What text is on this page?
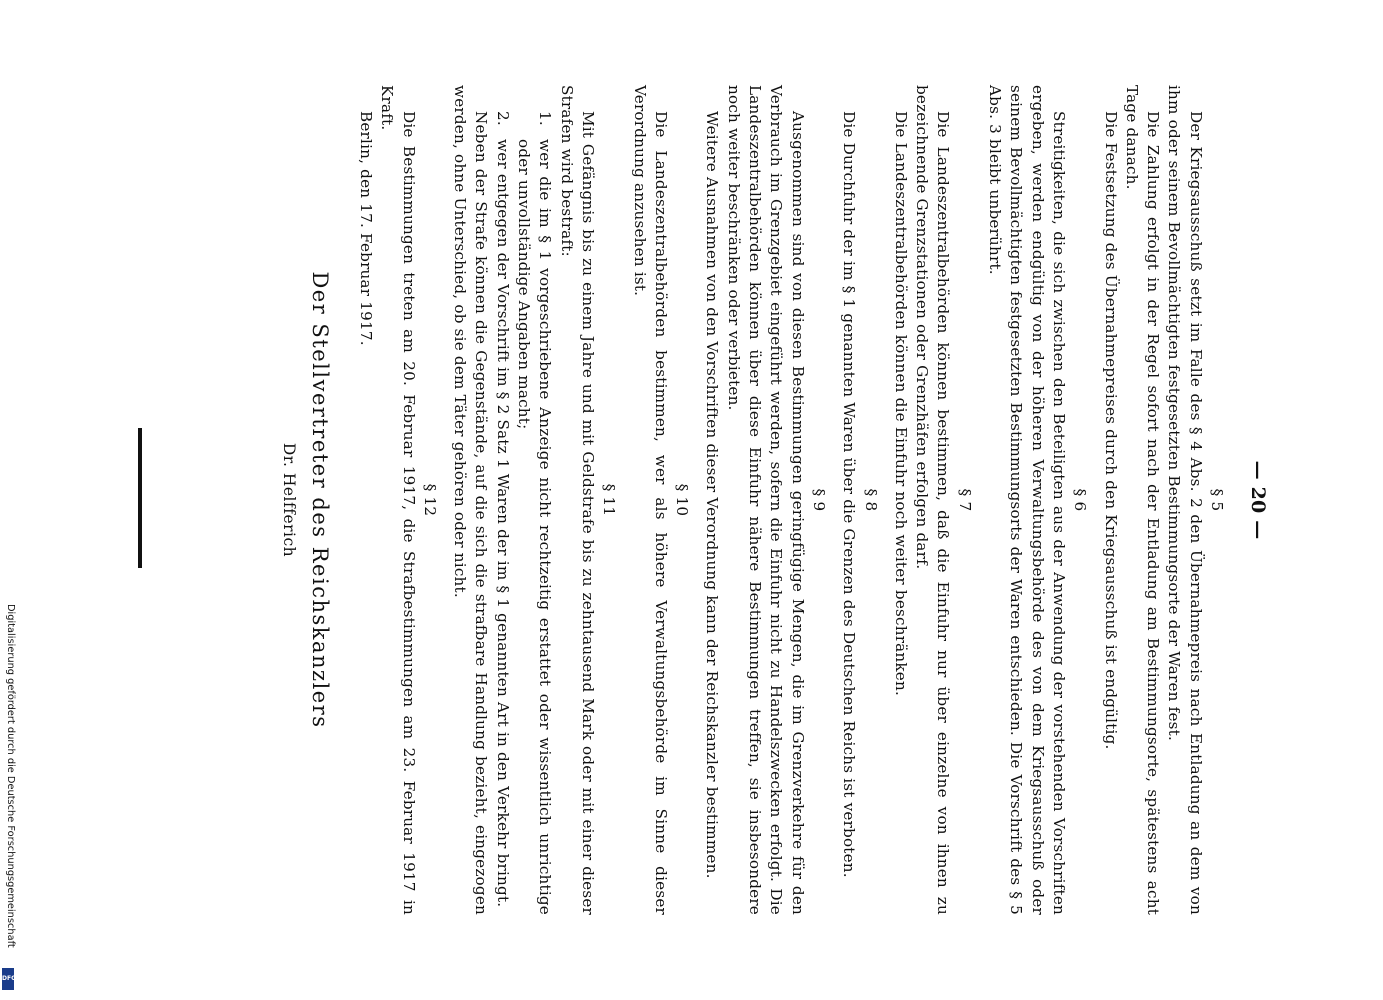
— 20 —
§ 5

Der Kriegsausschuß setzt im Falle des § 4 Abs. 2 den Übernahmepreis nach Entladung an dem von ihm oder seinem Bevollmächtigten festgesetzten Bestimmungsorte der Waren fest.

Die Zahlung erfolgt in der Regel sofort nach der Entladung am Bestimmungsorte, spätestens acht Tage danach.

Die Festsetzung des Übernahmepreises durch den Kriegsausschuß ist endgültig.

§ 6

Streitigkeiten, die sich zwischen den Beteiligten aus der Anwendung der vorstehenden Vorschriften ergeben, werden endgültig von der höheren Verwaltungsbehörde des von dem Kriegsausschuß oder seinem Bevollmächtigten festgesetzten Bestimmungsorts der Waren entschieden. Die Vorschrift des § 5 Abs. 3 bleibt unberührt.

§ 7

Die Landeszentralbehörden können bestimmen, daß die Einfuhr nur über einzelne von ihnen zu bezeichnende Grenzstationen oder Grenzhäfen erfolgen darf.

Die Landeszentralbehörden können die Einfuhr noch weiter beschränken.

§ 8

Die Durchfuhr der im § 1 genannten Waren über die Grenzen des Deutschen Reichs ist verboten.

§ 9

Ausgenommen sind von diesen Bestimmungen geringfügige Mengen, die im Grenzverkehre für den Verbrauch im Grenzgebiet eingeführt werden, sofern die Einfuhr nicht zu Handelszwecken erfolgt. Die Landeszentralbehörden können über diese Einfuhr nähere Bestimmungen treffen, sie insbesondere noch weiter beschränken oder verbieten.

Weitere Ausnahmen von den Vorschriften dieser Verordnung kann der Reichskanzler bestimmen.

§ 10

Die Landeszentralbehörden bestimmen, wer als höhere Verwaltungsbehörde im Sinne dieser Verordnung anzusehen ist.

§ 11

Mit Gefängnis bis zu einem Jahre und mit Geldstrafe bis zu zehntausend Mark oder mit einer dieser Strafen wird bestraft:

1.
wer die im § 1 vorgeschriebene Anzeige nicht rechtzeitig erstattet oder wissentlich unrichtige oder unvollständige Angaben macht;
2.
wer entgegen der Vorschrift im § 2 Satz 1 Waren der im § 1 genannten Art in den Verkehr bringt.

Neben der Strafe können die Gegenstände, auf die sich die strafbare Handlung bezieht, eingezogen werden, ohne Unterschied, ob sie dem Täter gehören oder nicht.

§ 12

Die Bestimmungen treten am 20. Februar 1917, die Strafbestimmungen am 23. Februar 1917 in Kraft.

Berlin, den 17. Februar 1917.

Der Stellvertreter des Reichskanzlers
Dr. Helfferich
Digitalisierung gefördert durch die Deutsche Forschungsgemeinschaft
DFG
